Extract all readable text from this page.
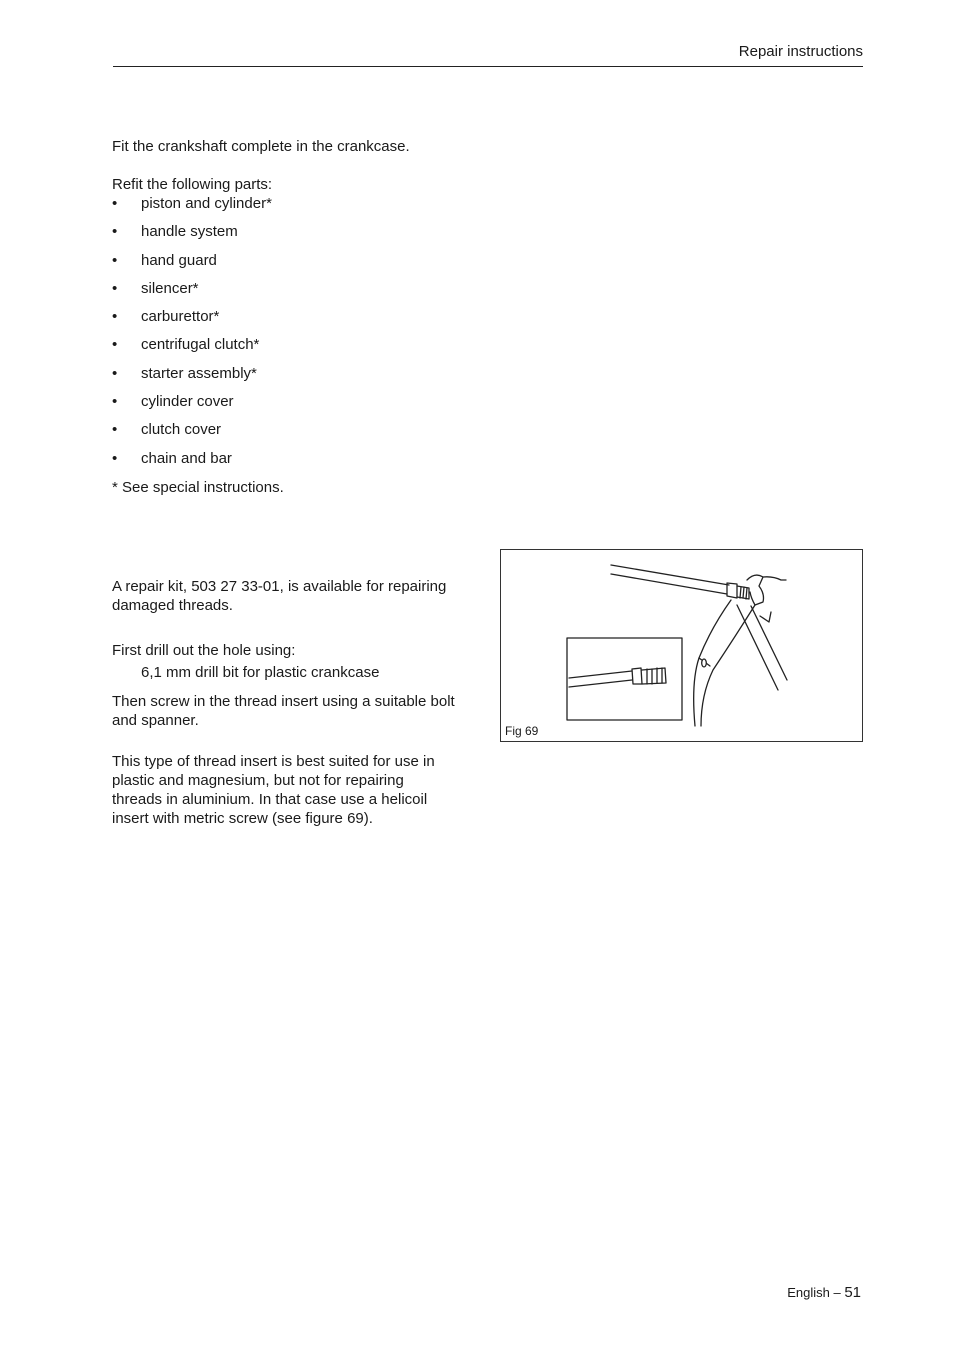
Repair instructions

Fit the crankshaft complete in the crankcase.

Refit the following parts:

•	piston and cylinder*
•	handle system
•	hand guard
•	silencer*
•	carburettor*
•	centrifugal clutch*
•	starter assembly*
•	cylinder cover
•	clutch cover
•	chain and bar

* See special instructions.

A repair kit, 503 27 33-01, is available for repairing damaged threads.

First drill out the hole using:

6,1 mm drill bit for plastic crankcase

Then screw in the thread insert using a suitable bolt and spanner.

This type of thread insert is best suited for use in plastic and magnesium, but not for repairing threads in aluminium. In that case use a helicoil insert with metric screw (see figure 69).

Fig 69
English – 51
